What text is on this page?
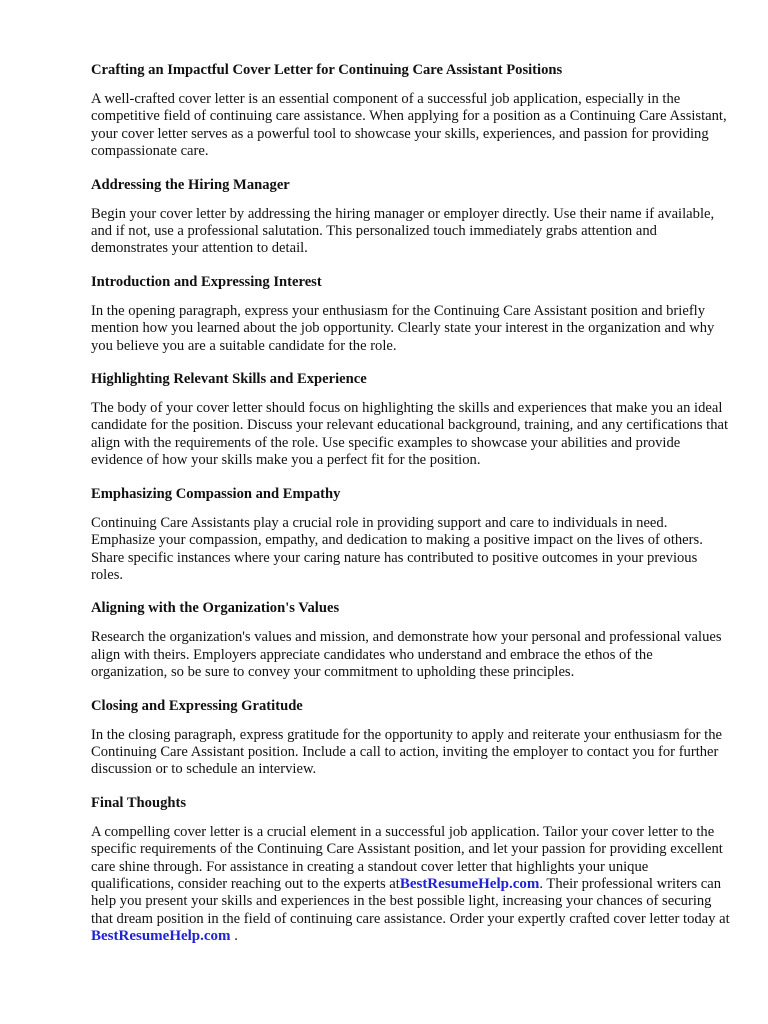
Crafting an Impactful Cover Letter for Continuing Care Assistant Positions

A well-crafted cover letter is an essential component of a successful job application, especially in the competitive field of continuing care assistance. When applying for a position as a Continuing Care Assistant, your cover letter serves as a powerful tool to showcase your skills, experiences, and passion for providing compassionate care.

Addressing the Hiring Manager

Begin your cover letter by addressing the hiring manager or employer directly. Use their name if available, and if not, use a professional salutation. This personalized touch immediately grabs attention and demonstrates your attention to detail.

Introduction and Expressing Interest

In the opening paragraph, express your enthusiasm for the Continuing Care Assistant position and briefly mention how you learned about the job opportunity. Clearly state your interest in the organization and why you believe you are a suitable candidate for the role.

Highlighting Relevant Skills and Experience

The body of your cover letter should focus on highlighting the skills and experiences that make you an ideal candidate for the position. Discuss your relevant educational background, training, and any certifications that align with the requirements of the role. Use specific examples to showcase your abilities and provide evidence of how your skills make you a perfect fit for the position.

Emphasizing Compassion and Empathy

Continuing Care Assistants play a crucial role in providing support and care to individuals in need. Emphasize your compassion, empathy, and dedication to making a positive impact on the lives of others. Share specific instances where your caring nature has contributed to positive outcomes in your previous roles.

Aligning with the Organization's Values

Research the organization's values and mission, and demonstrate how your personal and professional values align with theirs. Employers appreciate candidates who understand and embrace the ethos of the organization, so be sure to convey your commitment to upholding these principles.

Closing and Expressing Gratitude

In the closing paragraph, express gratitude for the opportunity to apply and reiterate your enthusiasm for the Continuing Care Assistant position. Include a call to action, inviting the employer to contact you for further discussion or to schedule an interview.

Final Thoughts

A compelling cover letter is a crucial element in a successful job application. Tailor your cover letter to the specific requirements of the Continuing Care Assistant position, and let your passion for providing excellent care shine through. For assistance in creating a standout cover letter that highlights your unique qualifications, consider reaching out to the experts atBestResumeHelp.com. Their professional writers can help you present your skills and experiences in the best possible light, increasing your chances of securing that dream position in the field of continuing care assistance. Order your expertly crafted cover letter today at BestResumeHelp.com .
